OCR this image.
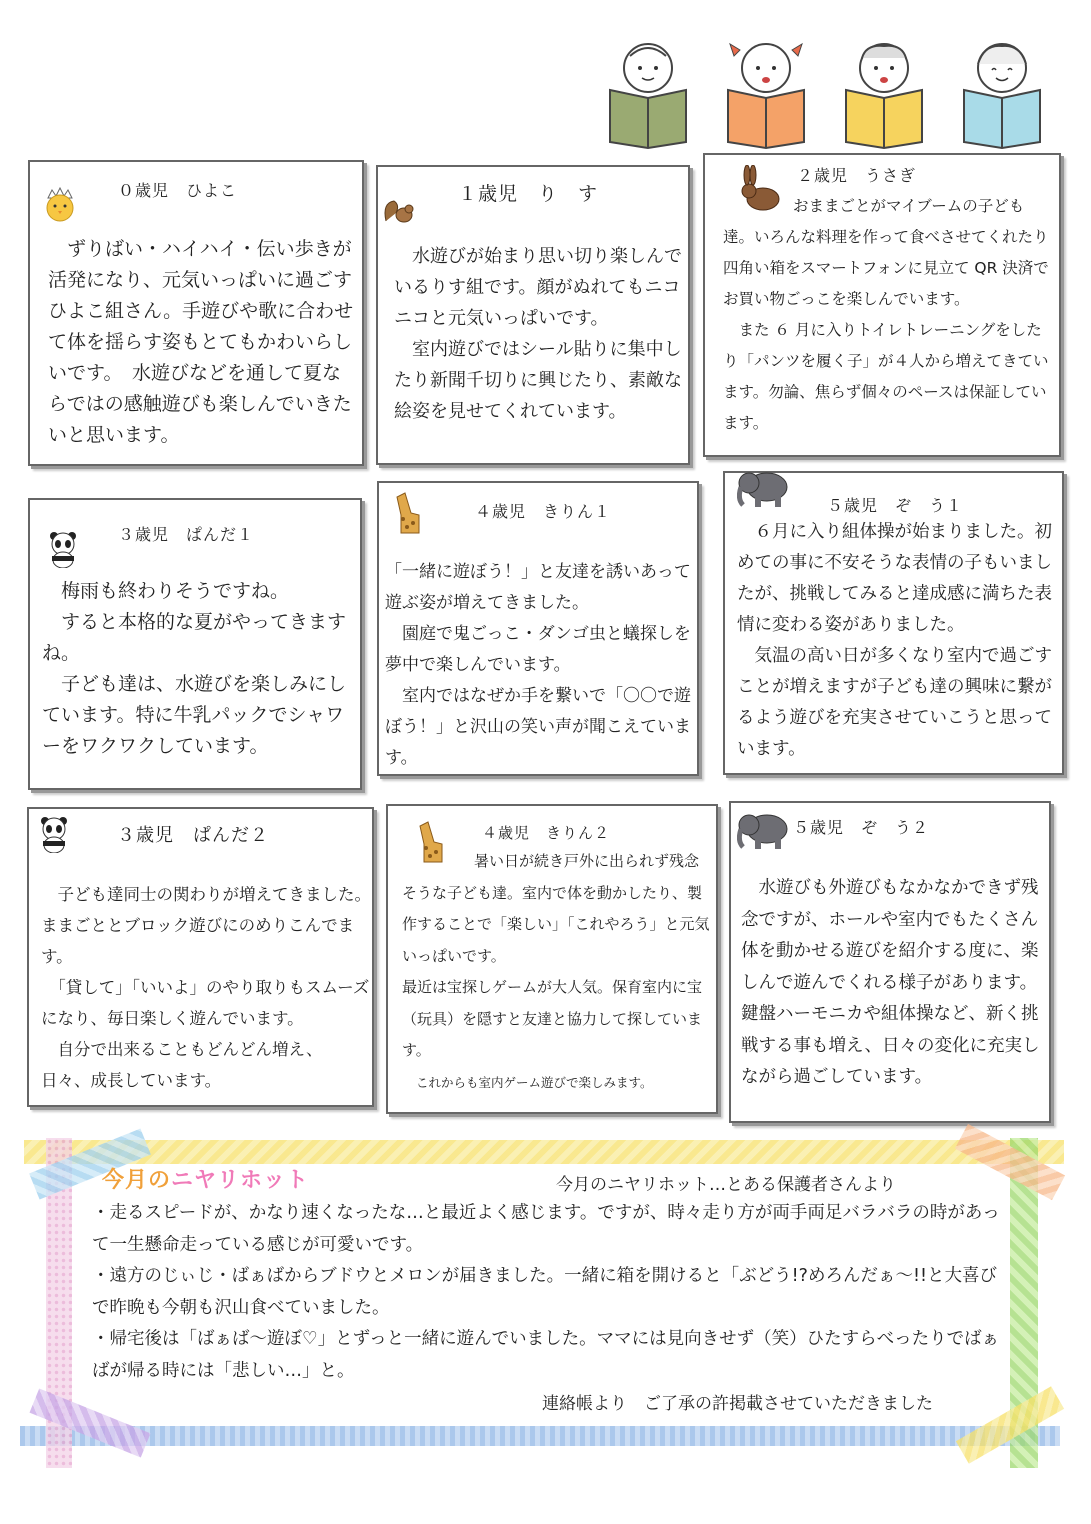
０歳児　ひよこ

　ずりばい・ハイハイ・伝い歩きが活発になり、元気いっぱいに過ごすひよこ組さん。手遊びや歌に合わせて体を揺らす姿もとてもかわいらしいです。　水遊びなどを通して夏ならではの感触遊びも楽しんでいきたいと思います。

１歳児　り　す

　水遊びが始まり思い切り楽しんでいるりす組です。顔がぬれてもニコニコと元気いっぱいです。

　室内遊びではシール貼りに集中したり新聞千切りに興じたり、素敵な絵姿を見せてくれています。

２歳児　うさぎ

おままごとがマイブームの子ども達。いろんな料理を作って食べさせてくれたり四角い箱をスマートフォンに見立て QR 決済でお買い物ごっこを楽しんでいます。

　また ６ 月に入りトイレトレーニングをしたり「パンツを履く子」が４人から増えてきています。勿論、焦らず個々のペースは保証しています。

３歳児　ぱんだ１

　梅雨も終わりそうですね。

　すると本格的な夏がやってきますね。

　子ども達は、水遊びを楽しみにしています。特に牛乳パックでシャワーをワクワクしています。

４歳児　きりん１

「一緒に遊ぼう！」と友達を誘いあって遊ぶ姿が増えてきました。

　園庭で鬼ごっこ・ダンゴ虫と蟻探しを夢中で楽しんでいます。

　室内ではなぜか手を繋いで「〇〇で遊ぼう！」と沢山の笑い声が聞こえています。

５歳児　ぞ　う１

　６月に入り組体操が始まりました。初めての事に不安そうな表情の子もいましたが、挑戦してみると達成感に満ちた表情に変わる姿がありました。

　気温の高い日が多くなり室内で過ごすことが増えますが子ども達の興味に繋がるよう遊びを充実させていこうと思っています。

３歳児　ぱんだ２

　子ども達同士の関わりが増えてきました。ままごととブロック遊びにのめりこんでます。

　「貸して」「いいよ」のやり取りもスムーズになり、毎日楽しく遊んでいます。

　自分で出来ることもどんどん増え、日々、成長しています。

４歳児　きりん２

暑い日が続き戸外に出られず残念そうな子ども達。室内で体を動かしたり、製作することで「楽しい」「これやろう」と元気いっぱいです。

最近は宝探しゲームが大人気。保育室内に宝（玩具）を隠すと友達と協力して探しています。

これからも室内ゲーム遊びで楽しみます。

５歳児　ぞ　う２

　水遊びも外遊びもなかなかできず残念ですが、ホールや室内でもたくさん体を動かせる遊びを紹介する度に、楽しんで遊んでくれる様子があります。

鍵盤ハーモニカや組体操など、新く挑戦する事も増え、日々の変化に充実しながら過ごしています。

今月のニヤリホット	今月のニヤリホット…とある保護者さんより

・走るスピードが、かなり速くなったな…と最近よく感じます。ですが、時々走り方が両手両足バラバラの時があって一生懸命走っている感じが可愛いです。

・遠方のじぃじ・ばぁばからブドウとメロンが届きました。一緒に箱を開けると「ぶどう!?めろんだぁ～!!と大喜びで昨晩も今朝も沢山食べていました。

・帰宅後は「ばぁば～遊ぼ♡」とずっと一緒に遊んでいました。ママには見向きせず（笑）ひたすらべったりでばぁばが帰る時には「悲しい…」と。

連絡帳より　ご了承の許掲載させていただきました
